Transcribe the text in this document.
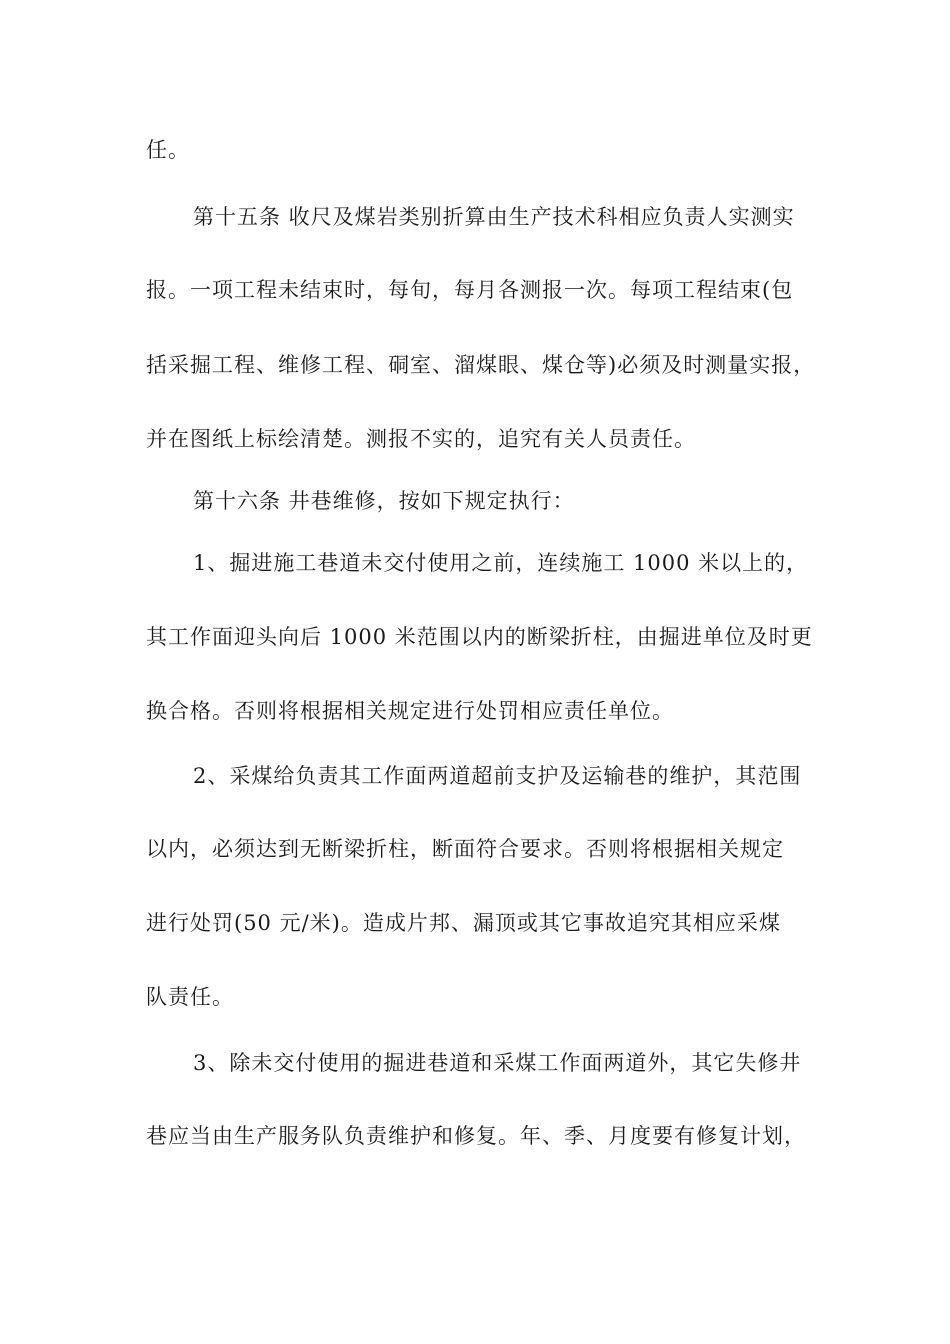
任。
第十五条 收尺及煤岩类别折算由生产技术科相应负责人实测实
报。一项工程未结束时，每旬，每月各测报一次。每项工程结束(包
括采掘工程、维修工程、硐室、溜煤眼、煤仓等)必须及时测量实报，
并在图纸上标绘清楚。测报不实的，追究有关人员责任。
第十六条 井巷维修，按如下规定执行：
1、掘进施工巷道未交付使用之前，连续施工 1000 米以上的，
其工作面迎头向后 1000 米范围以内的断梁折柱，由掘进单位及时更
换合格。否则将根据相关规定进行处罚相应责任单位。
2、采煤给负责其工作面两道超前支护及运输巷的维护，其范围
以内，必须达到无断梁折柱，断面符合要求。否则将根据相关规定
进行处罚(50 元/米)。造成片邦、漏顶或其它事故追究其相应采煤
队责任。
3、除未交付使用的掘进巷道和采煤工作面两道外，其它失修井
巷应当由生产服务队负责维护和修复。年、季、月度要有修复计划，
